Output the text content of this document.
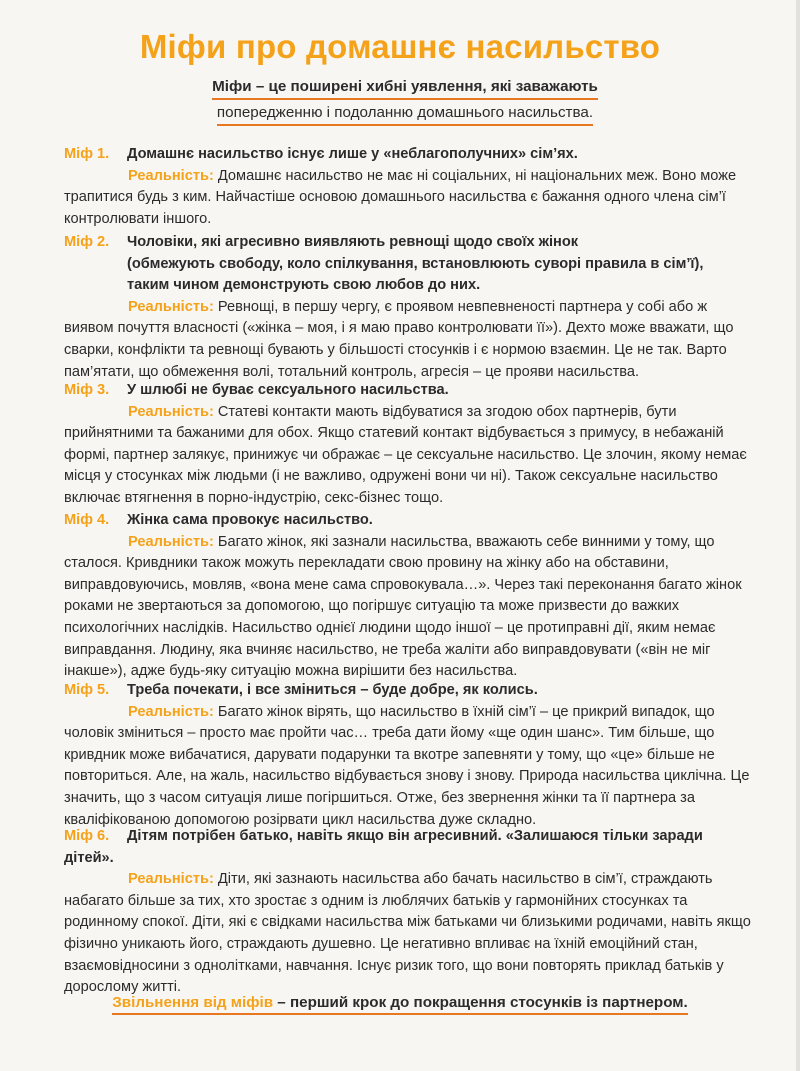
Міфи про домашнє насильство
Міфи – це поширені хибні уявлення, які заважають
попередженню і подоланню домашнього насильства.
Міф 1. Домашнє насильство існує лише у «неблагополучних» сім’ях.
Реальність: Домашнє насильство не має ні соціальних, ні національних меж. Воно може трапитися будь з ким. Найчастіше основою домашнього насильства є бажання одного члена сім’ї контролювати іншого.
Міф 2. Чоловіки, які агресивно виявляють ревнощі щодо своїх жінок
(обмежують свободу, коло спілкування, встановлюють суворі правила в сім’ї),
таким чином демонструють свою любов до них.
Реальність: Ревнощі, в першу чергу, є проявом невпевненості партнера у собі або ж виявом почуття власності («жінка – моя, і я маю право контролювати її»). Дехто може вважати, що сварки, конфлікти та ревнощі бувають у більшості стосунків і є нормою взаємин. Це не так. Варто пам’ятати, що обмеження волі, тотальний контроль, агресія – це прояви насильства.
Міф 3. У шлюбі не буває сексуального насильства.
Реальність: Статеві контакти мають відбуватися за згодою обох партнерів, бути прийнятними та бажаними для обох. Якщо статевий контакт відбувається з примусу, в небажаній формі, партнер залякує, принижує чи ображає – це сексуальне насильство. Це злочин, якому немає місця у стосунках між людьми (і не важливо, одружені вони чи ні). Також сексуальне насильство включає втягнення в порно-індустрію, секс-бізнес тощо.
Міф 4. Жінка сама провокує насильство.
Реальність: Багато жінок, які зазнали насильства, вважають себе винними у тому, що сталося. Кривдники також можуть перекладати свою провину на жінку або на обставини, виправдовуючись, мовляв, «вона мене сама спровокувала…». Через такі переконання багато жінок роками не звертаються за допомогою, що погіршує ситуацію та може призвести до важких психологічних наслідків. Насильство однієї людини щодо іншої – це протиправні дії, яким немає виправдання. Людину, яка вчиняє насильство, не треба жаліти або виправдовувати («він не міг інакше»), адже будь-яку ситуацію можна вирішити без насильства.
Міф 5. Треба почекати, і все зміниться – буде добре, як колись.
Реальність: Багато жінок вірять, що насильство в їхній сім’ї – це прикрий випадок, що чоловік зміниться – просто має пройти час… треба дати йому «ще один шанс». Тим більше, що кривдник може вибачатися, дарувати подарунки та вкотре запевняти у тому, що «це» більше не повториться. Але, на жаль, насильство відбувається знову і знову. Природа насильства циклічна. Це значить, що з часом ситуація лише погіршиться. Отже, без звернення жінки та її партнера за кваліфікованою допомогою розірвати цикл насильства дуже складно.
Міф 6. Дітям потрібен батько, навіть якщо він агресивний. «Залишаюся тільки заради
дітей».
Реальність: Діти, які зазнають насильства або бачать насильство в сім’ї, страждають набагато більше за тих, хто зростає з одним із люблячих батьків у гармонійних стосунках та родинному спокої. Діти, які є свідками насильства між батьками чи близькими родичами, навіть якщо фізично уникають його, страждають душевно. Це негативно впливає на їхній емоційний стан, взаємовідносини з однолітками, навчання. Існує ризик того, що вони повторять приклад батьків у дорослому житті.
Звільнення від міфів – перший крок до покращення стосунків із партнером.
